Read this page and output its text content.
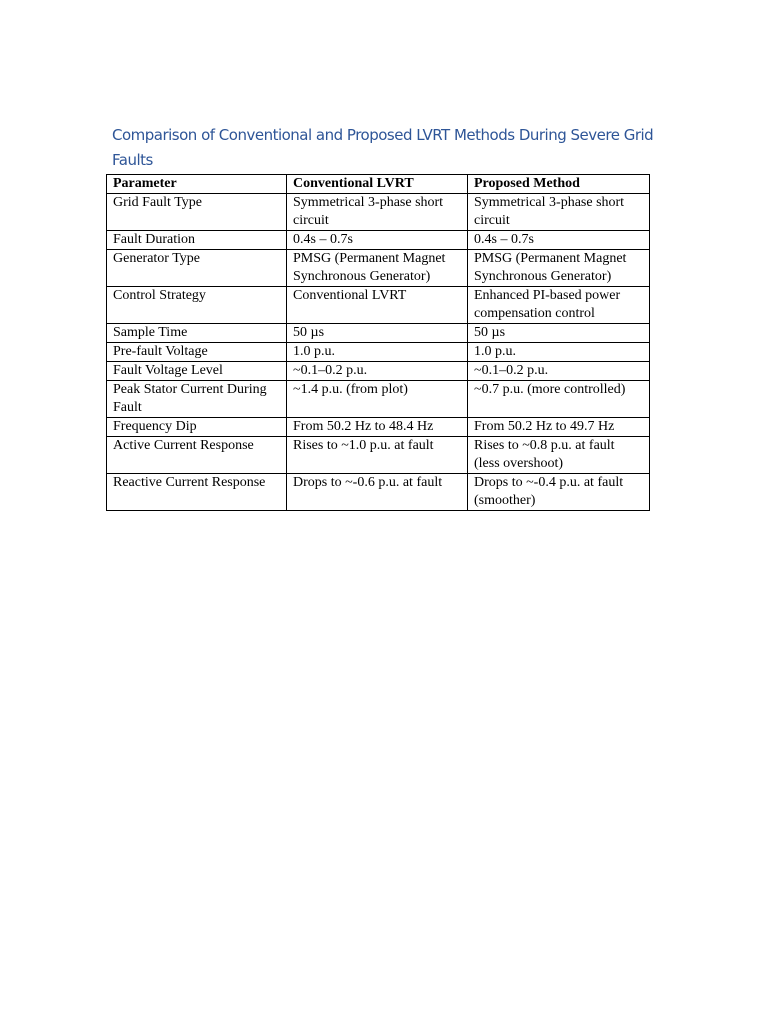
Comparison of Conventional and Proposed LVRT Methods During Severe Grid Faults
Parameter	Conventional LVRT	Proposed Method
Grid Fault Type	Symmetrical 3-phase short circuit	Symmetrical 3-phase short circuit
Fault Duration	0.4s – 0.7s	0.4s – 0.7s
Generator Type	PMSG (Permanent Magnet Synchronous Generator)	PMSG (Permanent Magnet Synchronous Generator)
Control Strategy	Conventional LVRT	Enhanced PI-based power compensation control
Sample Time	50 µs	50 µs
Pre-fault Voltage	1.0 p.u.	1.0 p.u.
Fault Voltage Level	~0.1–0.2 p.u.	~0.1–0.2 p.u.
Peak Stator Current During Fault	~1.4 p.u. (from plot)	~0.7 p.u. (more controlled)
Frequency Dip	From 50.2 Hz to 48.4 Hz	From 50.2 Hz to 49.7 Hz
Active Current Response	Rises to ~1.0 p.u. at fault	Rises to ~0.8 p.u. at fault (less overshoot)
Reactive Current Response	Drops to ~-0.6 p.u. at fault	Drops to ~-0.4 p.u. at fault (smoother)
